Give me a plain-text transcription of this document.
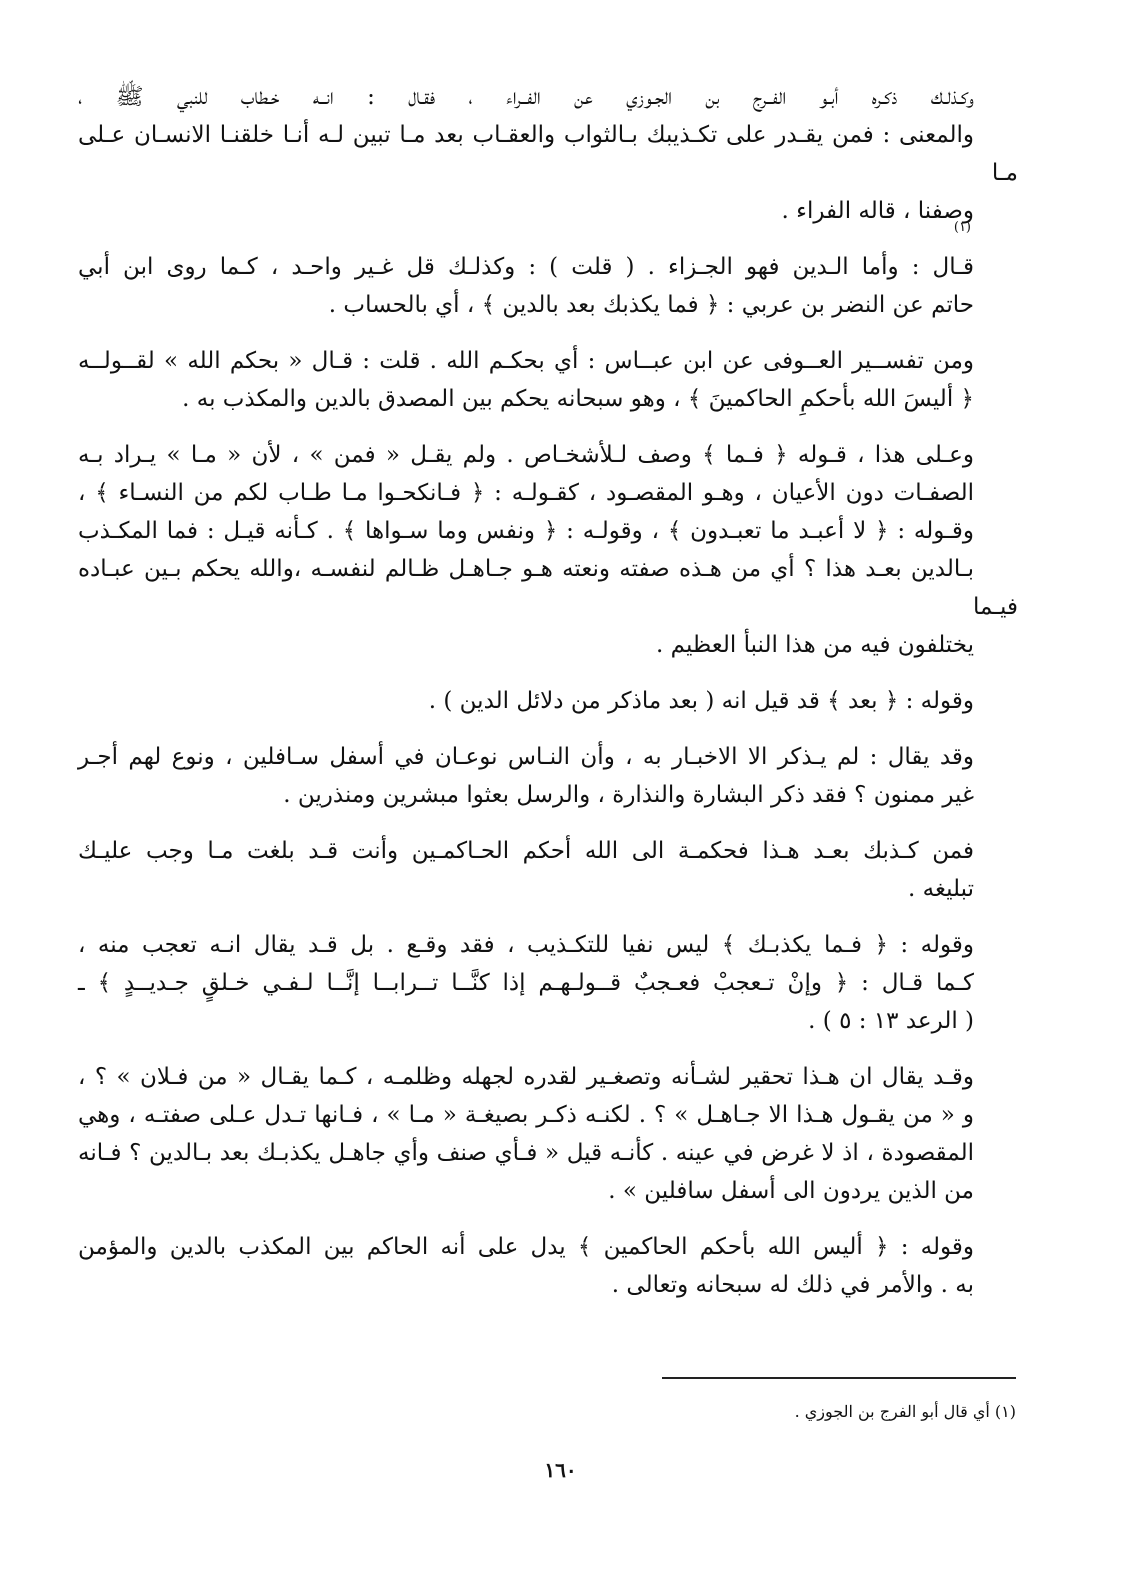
وكـذلـك ذكـره أبـو الفــرج بن الجـوزي عن الفــراء ، فقـال : انــه خـطاب للنبي ﷺ ،
والمعنى : فمن يقـدر على تكـذيبك بـالثواب والعقـاب بعد مـا تبين لـه أنـا خلقنـا الانسـان عـلى مـا
وصفنا ، قاله الفراء .

قـال : وأما الـدين فهو الجـزاء . ( قلت ) : وكذلـك قل غـير واحـد ، كـما روى ابن أبي
حاتم عن النضر بن عربي : ﴿ فما يكذبك بعد بالدين ﴾ ، أي بالحساب .

ومن تفســير العــوفى عن ابن عبــاس : أي بحكـم الله . قلت : قـال « بحكم الله » لقــولــه
﴿ أليسَ الله بأحكمِ الحاكمينَ ﴾ ، وهو سبحانه يحكم بين المصدق بالدين والمكذب به .

وعـلى هذا ، قـوله ﴿ فـما ﴾ وصف لـلأشخـاص . ولم يقـل « فمن » ، لأن « مـا » يـراد بـه
الصفـات دون الأعيان ، وهـو المقصـود ، كقـولـه : ﴿ فـانكحـوا مـا طـاب لكم من النسـاء ﴾ ،
وقـوله : ﴿ لا أعبـد ما تعبـدون ﴾ ، وقولـه : ﴿ ونفس وما سـواها ﴾ . كـأنه قيـل : فما المكـذب
بـالدين بعـد هذا ؟ أي من هـذه صفته ونعته هـو جـاهـل ظـالم لنفسـه ،والله يحكم بـين عبـاده فيـما
يختلفون فيه من هذا النبأ العظيم .

وقوله : ﴿ بعد ﴾ قد قيل انه ( بعد ماذكر من دلائل الدين ) .

وقد يقال : لم يـذكر الا الاخبـار به ، وأن النـاس نوعـان في أسفل سـافلين ، ونوع لهم أجـر
غير ممنون ؟ فقد ذكر البشارة والنذارة ، والرسل بعثوا مبشرين ومنذرين .

فمن كـذبك بعـد هـذا فحكمـة الى الله أحكم الحـاكمـين وأنت قـد بلغت مـا وجب عليـك
تبليغه .

وقوله : ﴿ فـما يكذبـك ﴾ ليس نفيا للتكـذيب ، فقد وقـع . بل قـد يقال انـه تعجب منه ،
كـما قـال : ﴿ وإنْ تـعجبْ فعـجبٌ قــولـهـم إذا كنَّــا تــرابــا إنَّــا لـفـي خـلقٍ جـديــدٍ ﴾ ـ
( الرعد ١٣ : ٥ ) .

وقـد يقال ان هـذا تحقير لشـأنه وتصغـير لقدره لجهله وظلمـه ، كـما يقـال « من فـلان » ؟ ،
و « من يقـول هـذا الا جـاهـل » ؟ . لكنـه ذكـر بصيغـة « مـا » ، فـانها تـدل عـلى صفتـه ، وهي
المقصودة ، اذ لا غرض في عينه . كأنـه قيل « فـأي صنف وأي جاهـل يكذبـك بعد بـالدين ؟ فـانه
من الذين يردون الى أسفل سافلين » .

وقوله : ﴿ أليس الله بأحكم الحاكمين ﴾ يدل على أنه الحاكم بين المكذب بالدين والمؤمن
به . والأمر في ذلك له سبحانه وتعالى .

(١)
(١) أي قال أبو الفرج بن الجوزي .
١٦٠
